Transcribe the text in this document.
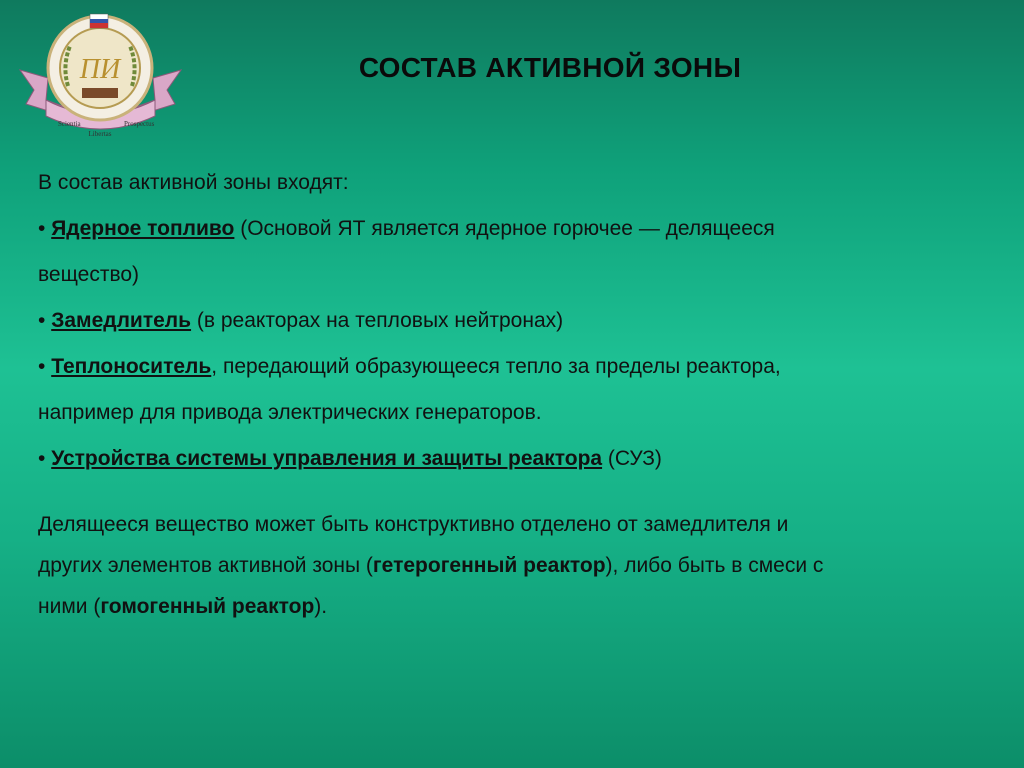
ПИ
Scientia	Prospectus
Libertas
СОСТАВ АКТИВНОЙ ЗОНЫ
В состав активной зоны входят:
• Ядерное топливо (Основой ЯТ является ядерное горючее — делящееся
вещество)
• Замедлитель (в реакторах на тепловых нейтронах)
• Теплоноситель, передающий образующееся тепло за пределы реактора,
например для привода электрических генераторов.
• Устройства системы управления и защиты реактора (СУЗ)
Делящееся вещество может быть конструктивно отделено от замедлителя и
других элементов активной зоны (гетерогенный реактор), либо быть в смеси с
ними (гомогенный реактор).
